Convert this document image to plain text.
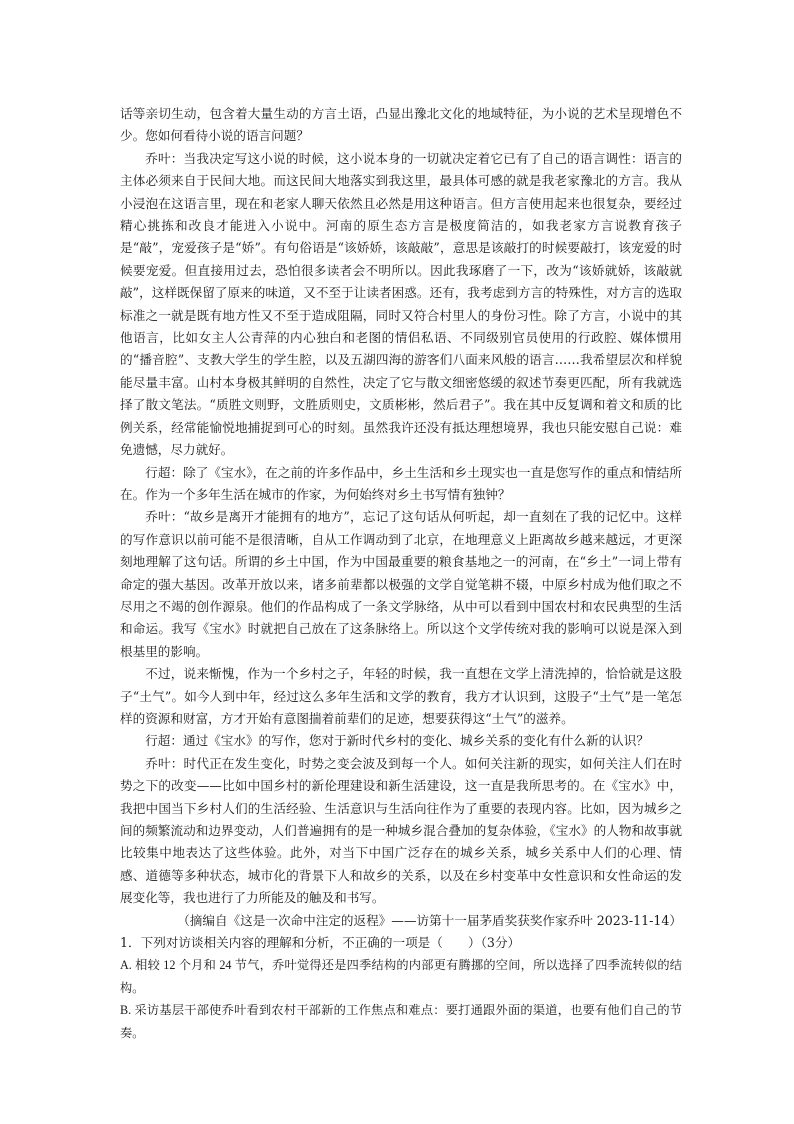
话等亲切生动，包含着大量生动的方言土语，凸显出豫北文化的地域特征，为小说的艺术呈现增色不少。您如何看待小说的语言问题？

乔叶：当我决定写这小说的时候，这小说本身的一切就决定着它已有了自己的语言调性：语言的主体必须来自于民间大地。而这民间大地落实到我这里，最具体可感的就是我老家豫北的方言。我从小浸泡在这语言里，现在和老家人聊天依然且必然是用这种语言。但方言使用起来也很复杂，要经过精心挑拣和改良才能进入小说中。河南的原生态方言是极度简洁的，如我老家方言说教育孩子是“敲”，宠爱孩子是“娇”。有句俗语是“该娇娇，该敲敲”，意思是该敲打的时候要敲打，该宠爱的时候要宠爱。但直接用过去，恐怕很多读者会不明所以。因此我琢磨了一下，改为“该娇就娇，该敲就敲”，这样既保留了原来的味道，又不至于让读者困惑。还有，我考虑到方言的特殊性，对方言的选取标准之一就是既有地方性又不至于造成阻隔，同时又符合村里人的身份习性。除了方言，小说中的其他语言，比如女主人公青萍的内心独白和老图的情侣私语、不同级别官员使用的行政腔、媒体惯用的“播音腔”、支教大学生的学生腔，以及五湖四海的游客们八面来风般的语言……我希望层次和样貌能尽量丰富。山村本身极其鲜明的自然性，决定了它与散文细密悠缓的叙述节奏更匹配，所有我就选择了散文笔法。“质胜文则野，文胜质则史，文质彬彬，然后君子”。我在其中反复调和着文和质的比例关系，经常能愉悦地捕捉到可心的时刻。虽然我许还没有抵达理想境界，我也只能安慰自己说：难免遗憾，尽力就好。

行超：除了《宝水》，在之前的许多作品中，乡土生活和乡土现实也一直是您写作的重点和情结所在。作为一个多年生活在城市的作家，为何始终对乡土书写情有独钟？

乔叶：“故乡是离开才能拥有的地方”，忘记了这句话从何听起，却一直刻在了我的记忆中。这样的写作意识以前可能不是很清晰，自从工作调动到了北京，在地理意义上距离故乡越来越远，才更深刻地理解了这句话。所谓的乡土中国，作为中国最重要的粮食基地之一的河南，在“乡土”一词上带有命定的强大基因。改革开放以来，诸多前辈都以极强的文学自觉笔耕不辍，中原乡村成为他们取之不尽用之不竭的创作源泉。他们的作品构成了一条文学脉络，从中可以看到中国农村和农民典型的生活和命运。我写《宝水》时就把自己放在了这条脉络上。所以这个文学传统对我的影响可以说是深入到根基里的影响。

不过，说来惭愧，作为一个乡村之子，年轻的时候，我一直想在文学上清洗掉的，恰恰就是这股子“土气”。如今人到中年，经过这么多年生活和文学的教育，我方才认识到，这股子“土气”是一笔怎样的资源和财富，方才开始有意图揣着前辈们的足迹，想要获得这“土气”的滋养。

行超：通过《宝水》的写作，您对于新时代乡村的变化、城乡关系的变化有什么新的认识？

乔叶：时代正在发生变化，时势之变会波及到每一个人。如何关注新的现实，如何关注人们在时势之下的改变——比如中国乡村的新伦理建设和新生活建设，这一直是我所思考的。在《宝水》中，我把中国当下乡村人们的生活经验、生活意识与生活向往作为了重要的表现内容。比如，因为城乡之间的频繁流动和边界变动，人们普遍拥有的是一种城乡混合叠加的复杂体验，《宝水》的人物和故事就比较集中地表达了这些体验。此外，对当下中国广泛存在的城乡关系，城乡关系中人们的心理、情感、道德等多种状态，城市化的背景下人和故乡的关系，以及在乡村变革中女性意识和女性命运的发展变化等，我也进行了力所能及的触及和书写。

（摘编自《这是一次命中注定的返程》——访第十一届茅盾奖获奖作家乔叶 2023-11-14）

1．下列对访谈相关内容的理解和分析，不正确的一项是（　　）（3分）

A. 相较 12 个月和 24 节气，乔叶觉得还是四季结构的内部更有腾挪的空间，所以选择了四季流转似的结构。

B. 采访基层干部使乔叶看到农村干部新的工作焦点和难点：要打通跟外面的渠道，也要有他们自己的节奏。
